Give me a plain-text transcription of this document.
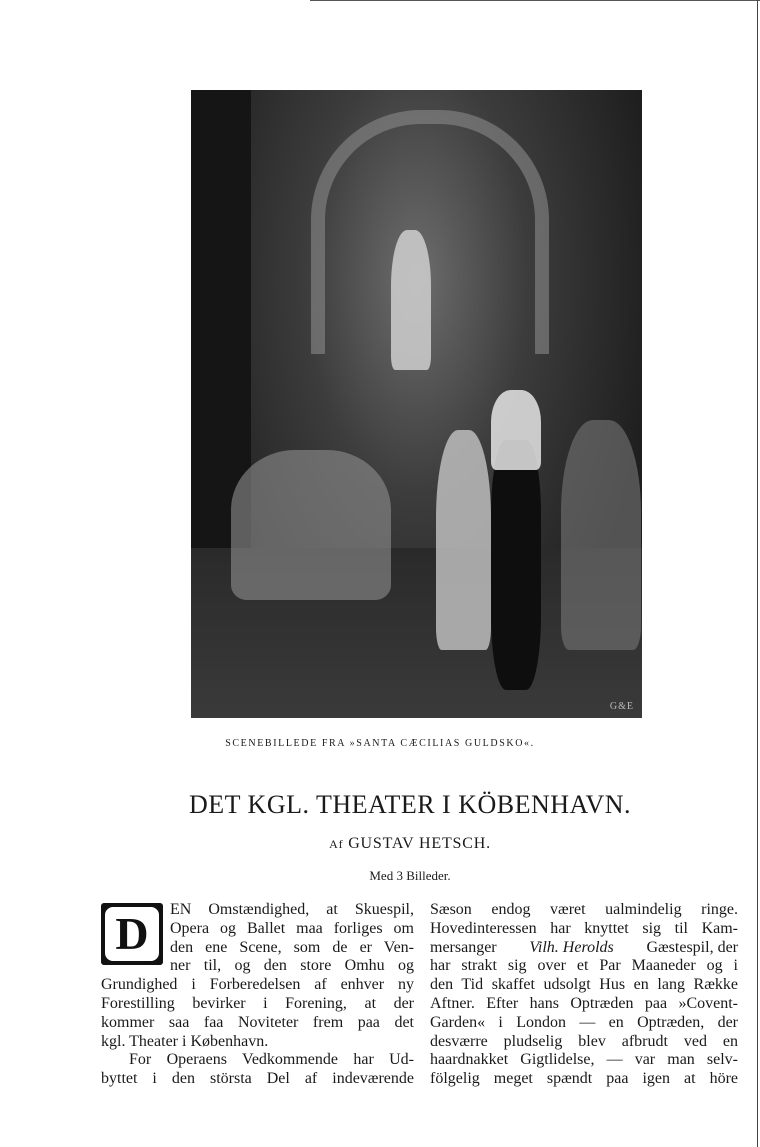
G&E
SCENEBILLEDE FRA »SANTA CÆCILIAS GULDSKO«.
DET KGL. THEATER I KÖBENHAVN.
Af GUSTAV HETSCH.
Med 3 Billeder.
D	EN Omstændighed, at Skuespil,
Opera og Ballet maa forliges om
den ene Scene, som de er Ven-
ner til, og den store Omhu og
Grundighed i Forberedelsen af enhver ny
Forestilling bevirker i Forening, at der
kommer saa faa Noviteter frem paa det
kgl. Theater i København.
For Operaens Vedkommende har Ud-
byttet i den största Del af indeværende
Sæson endog været ualmindelig ringe.
Hovedinteressen har knyttet sig til Kam-
mersanger Vilh. Herolds Gæstespil, der
har strakt sig over et Par Maaneder og i
den Tid skaffet udsolgt Hus en lang Række
Aftner. Efter hans Optræden paa »Covent-
Garden« i London — en Optræden, der
desværre pludselig blev afbrudt ved en
haardnakket Gigtlidelse, — var man selv-
fölgelig meget spændt paa igen at höre
